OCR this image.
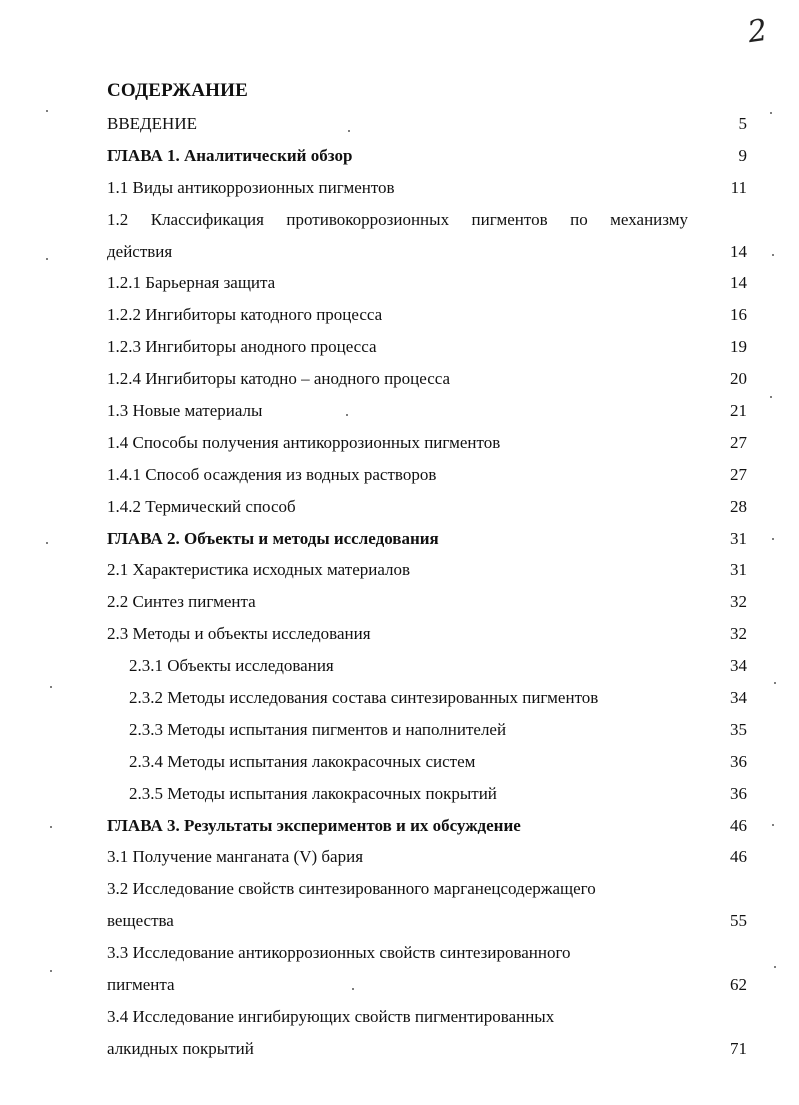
2
СОДЕРЖАНИЕ
ВВЕДЕНИЕ	5
ГЛАВА 1. Аналитический обзор	9
1.1 Виды антикоррозионных пигментов	11
1.2 Классификация противокоррозионных пигментов по механизму
действия	14
1.2.1 Барьерная защита	14
1.2.2 Ингибиторы катодного процесса	16
1.2.3 Ингибиторы анодного процесса	19
1.2.4 Ингибиторы катодно – анодного процесса	20
1.3 Новые материалы	21
1.4 Способы получения антикоррозионных пигментов	27
1.4.1 Способ осаждения из водных растворов	27
1.4.2 Термический способ	28
ГЛАВА 2. Объекты и методы исследования	31
2.1 Характеристика исходных материалов	31
2.2 Синтез пигмента	32
2.3 Методы и объекты исследования	32
2.3.1 Объекты исследования	34
2.3.2 Методы исследования состава синтезированных пигментов	34
2.3.3 Методы испытания пигментов и наполнителей	35
2.3.4 Методы испытания лакокрасочных систем	36
2.3.5 Методы испытания лакокрасочных покрытий	36
ГЛАВА 3. Результаты экспериментов и их обсуждение	46
3.1 Получение манганата (V) бария	46
3.2 Исследование свойств синтезированного марганецсодержащего
вещества	55
3.3 Исследование антикоррозионных свойств синтезированного
пигмента	62
3.4 Исследование ингибирующих свойств пигментированных
алкидных покрытий	71
